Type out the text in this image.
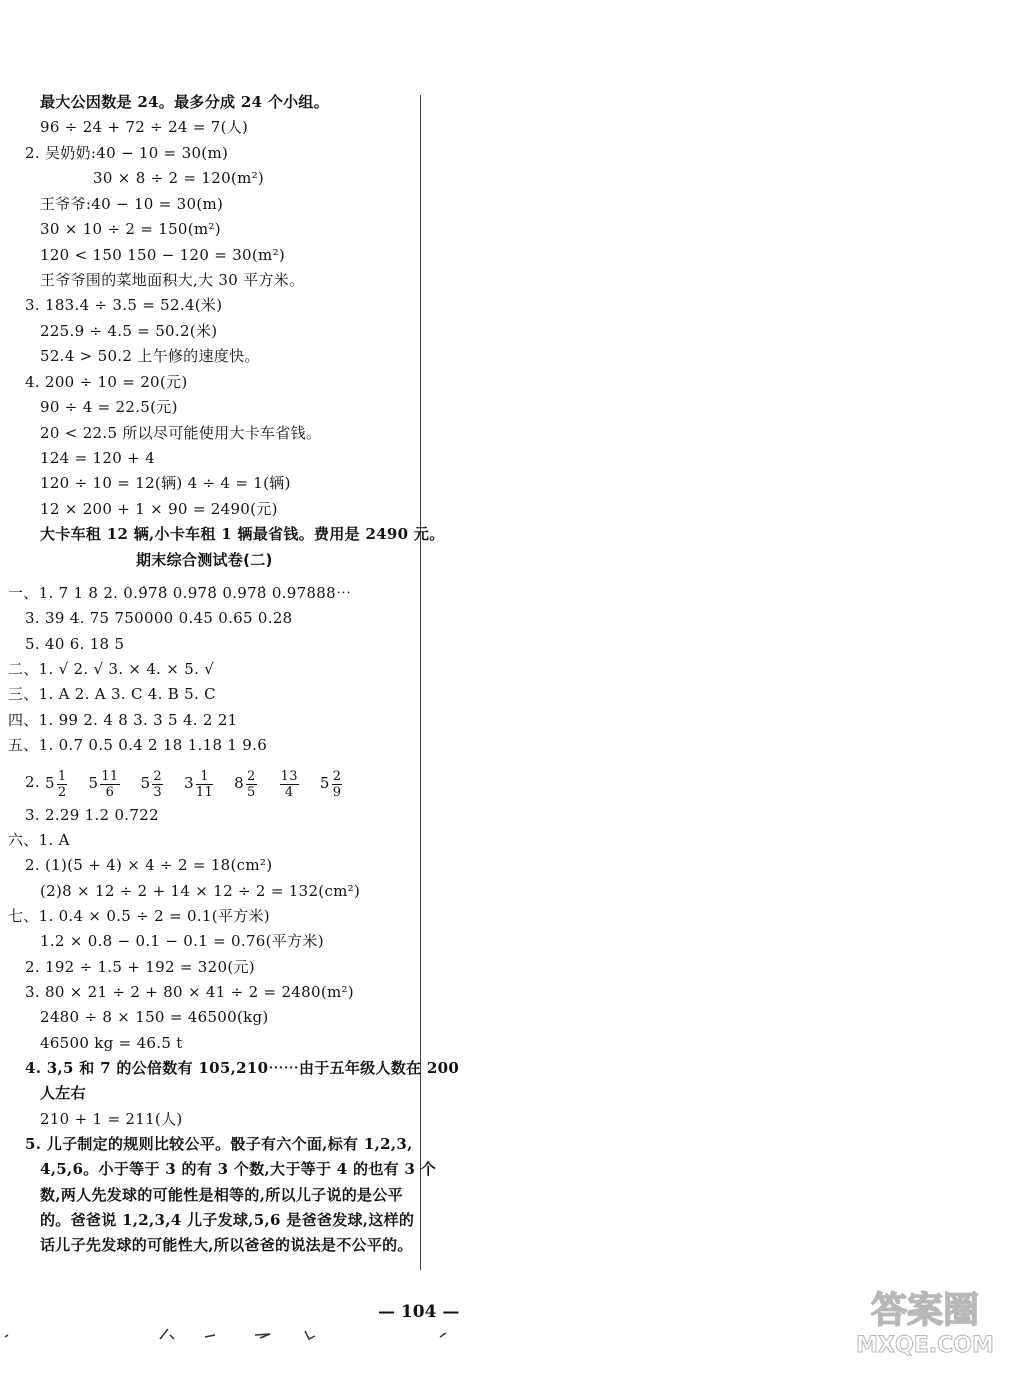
最大公因数是 24。最多分成 24 个小组。
96 ÷ 24 + 72 ÷ 24 = 7(人)
2. 吴奶奶:40 − 10 = 30(m)
30 × 8 ÷ 2 = 120(m²)
王爷爷:40 − 10 = 30(m)
30 × 10 ÷ 2 = 150(m²)
120 < 150 150 − 120 = 30(m²)
王爷爷围的菜地面积大,大 30 平方米。
3. 183.4 ÷ 3.5 = 52.4(米)
225.9 ÷ 4.5 = 50.2(米)
52.4 > 50.2 上午修的速度快。
4. 200 ÷ 10 = 20(元)
90 ÷ 4 = 22.5(元)
20 < 22.5 所以尽可能使用大卡车省钱。
124 = 120 + 4
120 ÷ 10 = 12(辆) 4 ÷ 4 = 1(辆)
12 × 200 + 1 × 90 = 2490(元)
大卡车租 12 辆,小卡车租 1 辆最省钱。费用是 2490 元。
期末综合测试卷(二)
一、1. 7 1 8 2. 0.9̇78̇ 0.978̇ 0.978̇ 0.97888⋯
3. 39 4. 75 750000 0.45 0.65 0.28
5. 40 6. 18 5
二、1. √ 2. √ 3. × 4. × 5. √
三、1. A 2. A 3. C 4. B 5. C
四、1. 99 2. 4 8 3. 3 5 4. 2 21
五、1. 0.7 0.5 0.4 2 18 1.18 1 9.6
2. $5 \frac{1}{2} 5 \frac{11}{6} 5 \frac{2}{3} 3 \frac{1}{11} 8 \frac{2}{5}$
$\frac{13}{4} 5 \frac{2}{9}$
3. 2.29 1.2 0.722
六、1. A
2. (1)(5 + 4) × 4 ÷ 2 = 18(cm²)
(2)8 × 12 ÷ 2 + 14 × 12 ÷ 2 = 132(cm²)
七、1. 0.4 × 0.5 ÷ 2 = 0.1(平方米)
1.2 × 0.8 − 0.1 − 0.1 = 0.76(平方米)
2. 192 ÷ 1.5 + 192 = 320(元)
3. 80 × 21 ÷ 2 + 80 × 41 ÷ 2 = 2480(m²)
2480 ÷ 8 × 150 = 46500(kg)
46500 kg = 46.5 t
4. 3,5 和 7 的公倍数有 105,210⋯⋯由于五年级人数在 200
人左右
210 + 1 = 211(人)
5. 儿子制定的规则比较公平。骰子有六个面,标有 1,2,3,
4,5,6。小于等于 3 的有 3 个数,大于等于 4 的也有 3 个
数,两人先发球的可能性是相等的,所以儿子说的是公平
的。爸爸说 1,2,3,4 儿子发球,5,6 是爸爸发球,这样的
话儿子先发球的可能性大,所以爸爸的说法是不公平的。
— 104 —	答案圈
MXQE.COM
